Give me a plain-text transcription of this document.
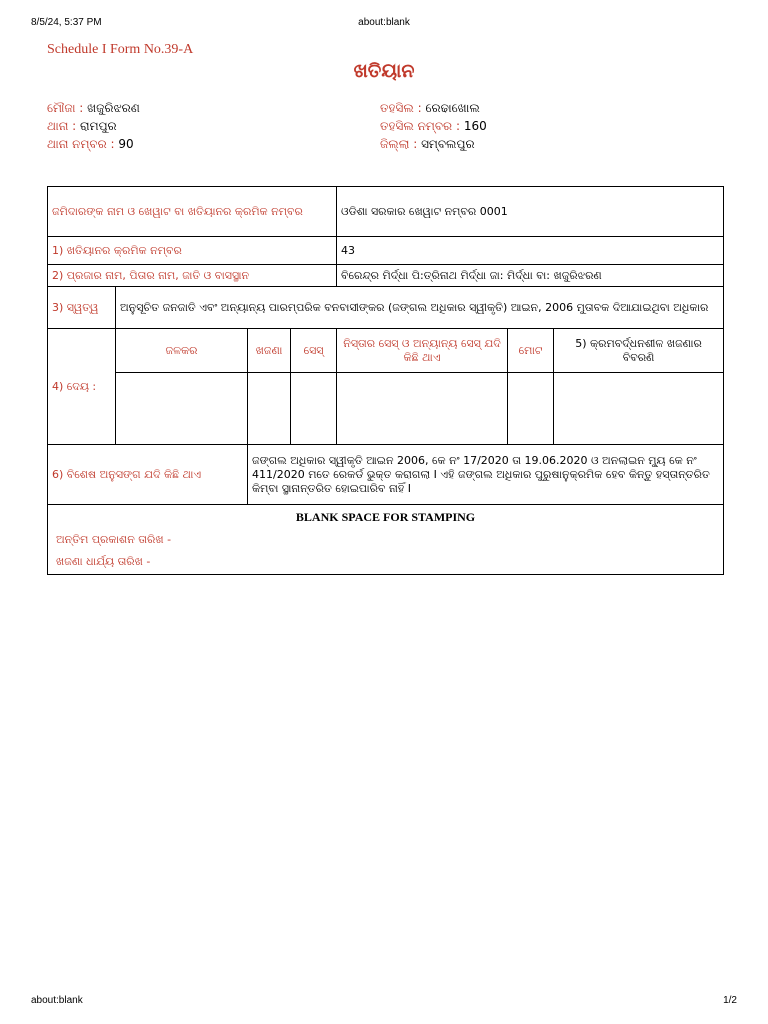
8/5/24, 5:37 PM	about:blank
Schedule I Form No.39-A
ଖତିୟାନ
ମୌଜା : ଖଜୁରିଝରଣ
ଥାନା : ରାମପୁର
ଥାନା ନମ୍ବର : 90
ତହସିଲ : ରେଢାଖୋଲ
ତହସିଲ ନମ୍ବର : 160
ଜିଲ୍ଲା : ସମ୍ବଲପୁର
ଜମିଦାରଙ୍କ ନାମ ଓ ଖେୱାଟ ବା ଖତିୟାନର କ୍ରମିକ ନମ୍ବର				ଓଡିଶା ସରକାର ଖେୱାଟ ନମ୍ବର 0001		
1) ଖତିୟାନର କ୍ରମିକ ନମ୍ବର				43		
2) ପ୍ରଜାର ନାମ, ପିତାର ନାମ, ଜାତି ଓ ବାସସ୍ଥାନ				ବିରେନ୍ଦ୍ର ମିର୍ଦ୍ଧା ପି:ତ୍ରିନାଥ ମିର୍ଦ୍ଧା ଜା: ମିର୍ଦ୍ଧା ବା: ଖଜୁରିଝରଣ		
3) ସ୍ୱତ୍ୱ	ଅନୁସୂଚିତ ଜନଜାତି ଏବଂ ଅନ୍ୟାନ୍ୟ ପାରମ୍ପରିକ ବନବାସୀଙ୍କର (ଜଙ୍ଗଲ ଅଧିକାର ସ୍ୱୀକୃତି) ଆଇନ, 2006 ମୁତାବକ ଦିଆଯାଇଥିବା ଅଧିକାର					
4) ଦେୟ :	ଜଳକର	ଖଜଣା	ସେସ୍	ନିସ୍ତାର ସେସ୍ ଓ ଅନ୍ୟାନ୍ୟ ସେସ୍ ଯଦି କିଛି ଥାଏ	ମୋଟ	5) କ୍ରମବର୍ଦ୍ଧନଶୀଳ ଖଜଣାର ବିବରଣି

6) ବିଶେଷ ଅନୁସଙ୍ଗ ଯଦି କିଛି ଥାଏ		ଜଙ୍ଗଲ ଅଧିକାର ସ୍ୱୀକୃତି ଆଇନ 2006, କେ ନଂ 17/2020 ତା 19.06.2020 ଓ ଅନଲାଇନ ମ୍ୟୁ କେ ନଂ 411/2020 ମତେ ରେକର୍ଡ ଭୁକ୍ତ କରାଗଲା I ଏହି ଜଙ୍ଗଲ ଅଧିକାର ପୁରୁଷାନୁକ୍ରମିକ ହେବ କିନ୍ତୁ ହସ୍ତାନ୍ତରିତ କିମ୍ବା ସ୍ଥାନାନ୍ତରିତ ହୋଇପାରିବ ନାହିଁ I				

BLANK SPACE FOR STAMPING
ଅନ୍ତିମ ପ୍ରକାଶନ ତାରିଖ -
ଖଜଣା ଧାର୍ଯ୍ୟ ତାରିଖ -						
about:blank	1/2
